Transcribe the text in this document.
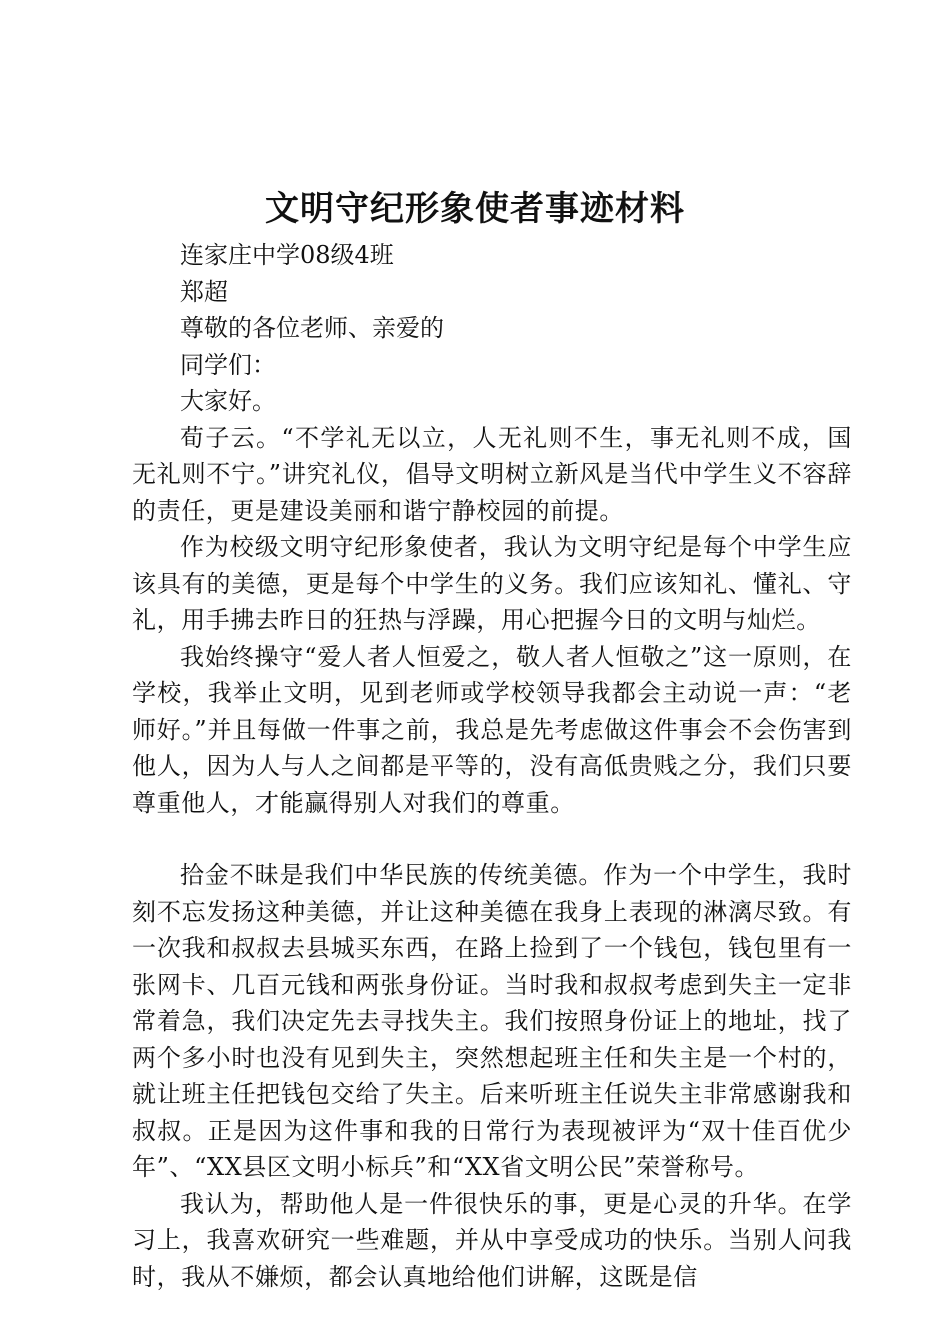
文明守纪形象使者事迹材料

连家庄中学08级4班

郑超

尊敬的各位老师、亲爱的

同学们：

大家好。

荀子云。“不学礼无以立，人无礼则不生，事无礼则不成，国无礼则不宁。”讲究礼仪，倡导文明树立新风是当代中学生义不容辞的责任，更是建设美丽和谐宁静校园的前提。

作为校级文明守纪形象使者，我认为文明守纪是每个中学生应该具有的美德，更是每个中学生的义务。我们应该知礼、懂礼、守礼，用手拂去昨日的狂热与浮躁，用心把握今日的文明与灿烂。

我始终操守“爱人者人恒爱之，敬人者人恒敬之”这一原则，在学校，我举止文明，见到老师或学校领导我都会主动说一声：“老师好。”并且每做一件事之前，我总是先考虑做这件事会不会伤害到他人，因为人与人之间都是平等的，没有高低贵贱之分，我们只要尊重他人，才能赢得别人对我们的尊重。

拾金不昧是我们中华民族的传统美德。作为一个中学生，我时刻不忘发扬这种美德，并让这种美德在我身上表现的淋漓尽致。有一次我和叔叔去县城买东西，在路上捡到了一个钱包，钱包里有一张网卡、几百元钱和两张身份证。当时我和叔叔考虑到失主一定非常着急，我们决定先去寻找失主。我们按照身份证上的地址，找了两个多小时也没有见到失主，突然想起班主任和失主是一个村的，就让班主任把钱包交给了失主。后来听班主任说失主非常感谢我和叔叔。正是因为这件事和我的日常行为表现被评为“双十佳百优少年”、“XX县区文明小标兵”和“XX省文明公民”荣誉称号。

我认为，帮助他人是一件很快乐的事，更是心灵的升华。在学习上，我喜欢研究一些难题，并从中享受成功的快乐。当别人问我时，我从不嫌烦，都会认真地给他们讲解，这既是信
